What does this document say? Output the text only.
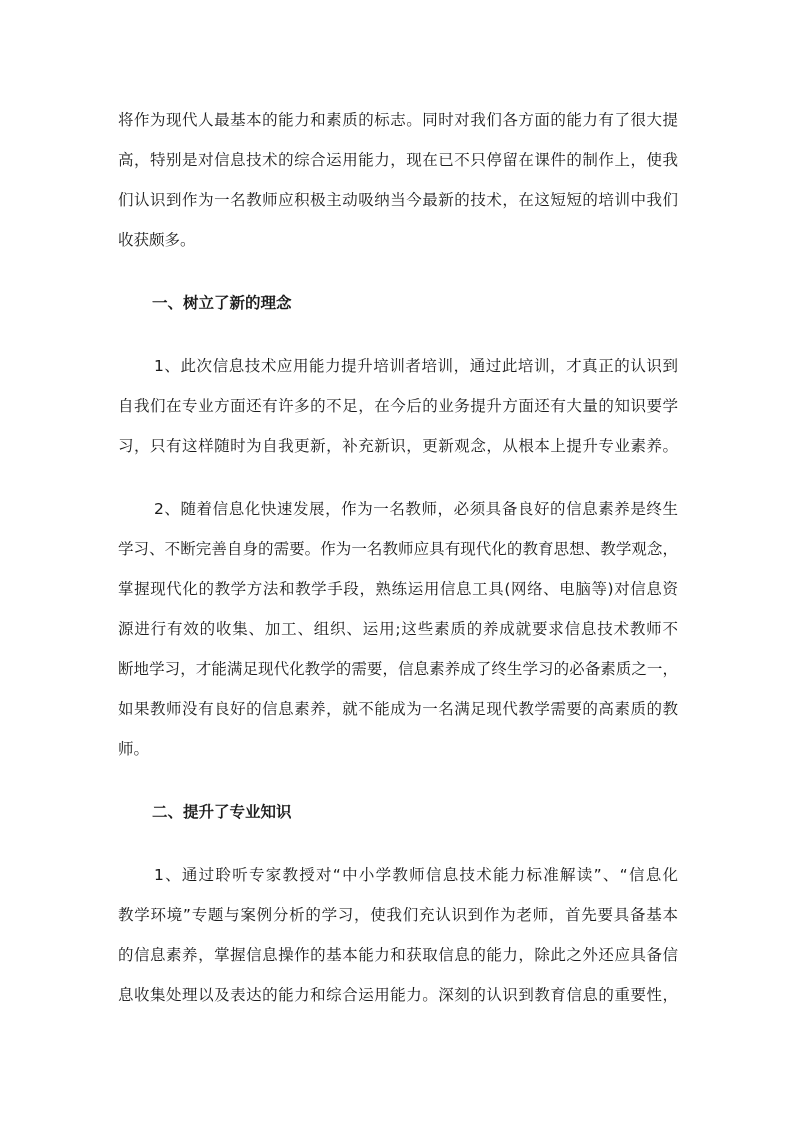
将作为现代人最基本的能力和素质的标志。同时对我们各方面的能力有了很大提
高，特别是对信息技术的综合运用能力，现在已不只停留在课件的制作上，使我
们认识到作为一名教师应积极主动吸纳当今最新的技术，在这短短的培训中我们
收获颇多。
一、树立了新的理念
1、此次信息技术应用能力提升培训者培训，通过此培训，才真正的认识到
自我们在专业方面还有许多的不足，在今后的业务提升方面还有大量的知识要学
习，只有这样随时为自我更新，补充新识，更新观念，从根本上提升专业素养。
2、随着信息化快速发展，作为一名教师，必须具备良好的信息素养是终生
学习、不断完善自身的需要。作为一名教师应具有现代化的教育思想、教学观念，
掌握现代化的教学方法和教学手段，熟练运用信息工具(网络、电脑等)对信息资
源进行有效的收集、加工、组织、运用;这些素质的养成就要求信息技术教师不
断地学习，才能满足现代化教学的需要，信息素养成了终生学习的必备素质之一，
如果教师没有良好的信息素养，就不能成为一名满足现代教学需要的高素质的教
师。
二、提升了专业知识
1、通过聆听专家教授对“中小学教师信息技术能力标准解读”、“信息化
教学环境”专题与案例分析的学习，使我们充认识到作为老师，首先要具备基本
的信息素养，掌握信息操作的基本能力和获取信息的能力，除此之外还应具备信
息收集处理以及表达的能力和综合运用能力。深刻的认识到教育信息的重要性，
